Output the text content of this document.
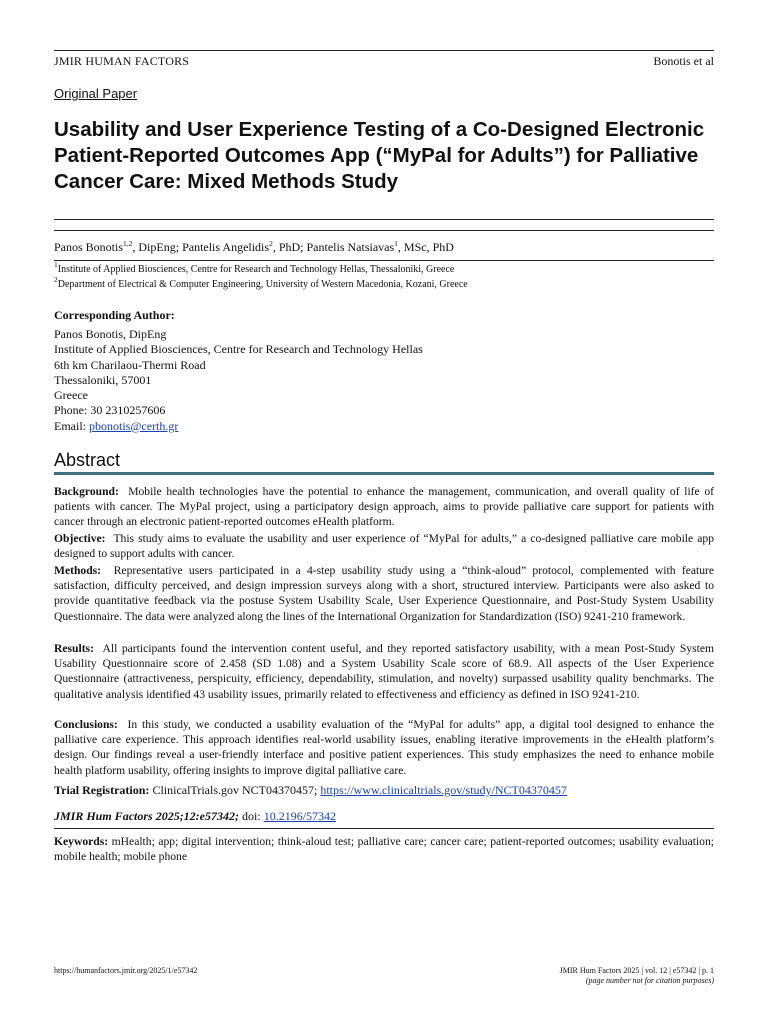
JMIR HUMAN FACTORS	Bonotis et al
Original Paper
Usability and User Experience Testing of a Co-Designed Electronic Patient-Reported Outcomes App (“MyPal for Adults”) for Palliative Cancer Care: Mixed Methods Study
Panos Bonotis$^{1,2}$, DipEng; Pantelis Angelidis$^2$, PhD; Pantelis Natsiavas$^1$, MSc, PhD
$^1$Institute of Applied Biosciences, Centre for Research and Technology Hellas, Thessaloniki, Greece
$^2$Department of Electrical & Computer Engineering, University of Western Macedonia, Kozani, Greece
Corresponding Author:
Panos Bonotis, DipEng
Institute of Applied Biosciences, Centre for Research and Technology Hellas
6th km Charilaou-Thermi Road
Thessaloniki, 57001
Greece
Phone: 30 2310257606
Email: pbonotis@certh.gr
Abstract

Background: Mobile health technologies have the potential to enhance the management, communication, and overall quality of life of patients with cancer. The MyPal project, using a participatory design approach, aims to provide palliative care support for patients with cancer through an electronic patient-reported outcomes eHealth platform.

Objective: This study aims to evaluate the usability and user experience of “MyPal for adults,” a co-designed palliative care mobile app designed to support adults with cancer.

Methods: Representative users participated in a 4-step usability study using a “think-aloud” protocol, complemented with feature satisfaction, difficulty perceived, and design impression surveys along with a short, structured interview. Participants were also asked to provide quantitative feedback via the postuse System Usability Scale, User Experience Questionnaire, and Post-Study System Usability Questionnaire. The data were analyzed along the lines of the International Organization for Standardization (ISO) 9241-210 framework.

Results: All participants found the intervention content useful, and they reported satisfactory usability, with a mean Post-Study System Usability Questionnaire score of 2.458 (SD 1.08) and a System Usability Scale score of 68.9. All aspects of the User Experience Questionnaire (attractiveness, perspicuity, efficiency, dependability, stimulation, and novelty) surpassed usability quality benchmarks. The qualitative analysis identified 43 usability issues, primarily related to effectiveness and efficiency as defined in ISO 9241-210.

Conclusions: In this study, we conducted a usability evaluation of the “MyPal for adults” app, a digital tool designed to enhance the palliative care experience. This approach identifies real-world usability issues, enabling iterative improvements in the eHealth platform’s design. Our findings reveal a user-friendly interface and positive patient experiences. This study emphasizes the need to enhance mobile health platform usability, offering insights to improve digital palliative care.

Trial Registration: ClinicalTrials.gov NCT04370457; https://www.clinicaltrials.gov/study/NCT04370457

JMIR Hum Factors 2025;12:e57342; doi: 10.2196/57342
Keywords: mHealth; app; digital intervention; think-aloud test; palliative care; cancer care; patient-reported outcomes; usability evaluation; mobile health; mobile phone
https://humanfactors.jmir.org/2025/1/e57342	JMIR Hum Factors 2025 | vol. 12 | e57342 | p. 1
(page number not for citation purposes)
